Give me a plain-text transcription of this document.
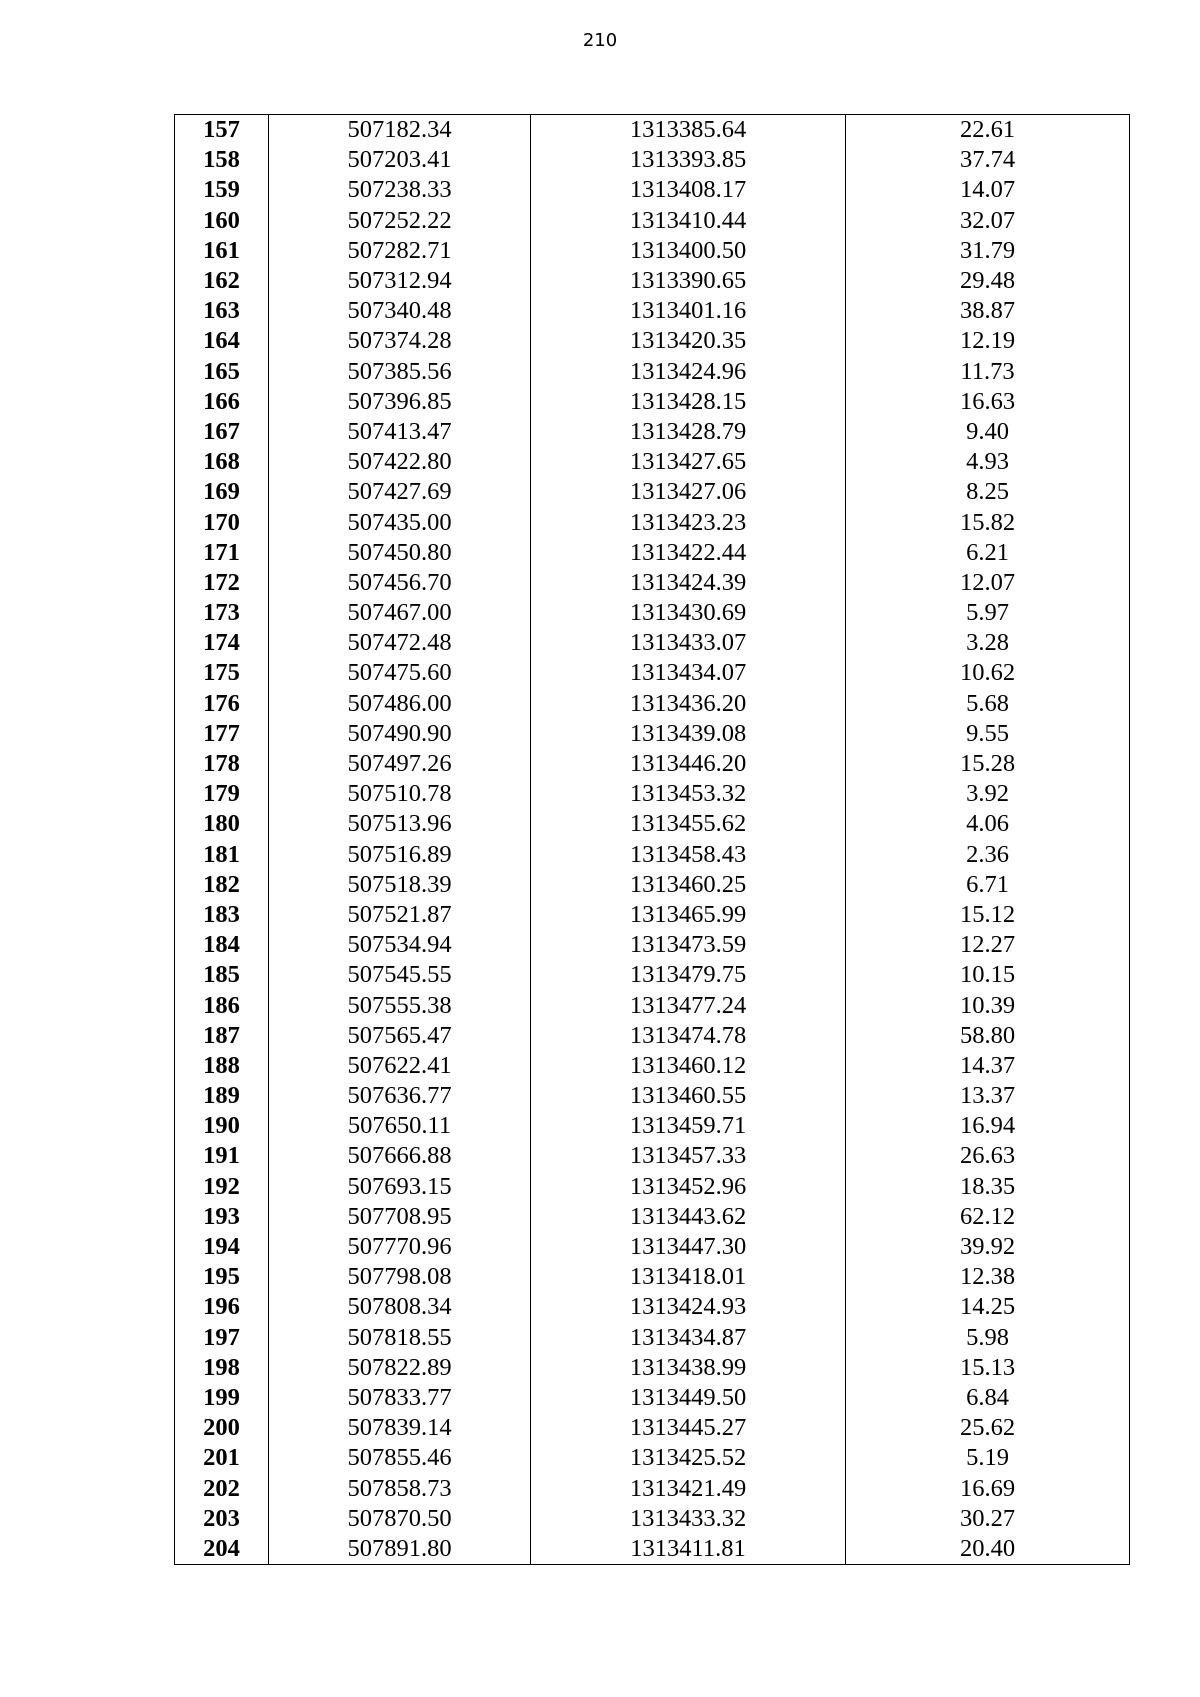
210
157	507182.34	1313385.64	22.61
158	507203.41	1313393.85	37.74
159	507238.33	1313408.17	14.07
160	507252.22	1313410.44	32.07
161	507282.71	1313400.50	31.79
162	507312.94	1313390.65	29.48
163	507340.48	1313401.16	38.87
164	507374.28	1313420.35	12.19
165	507385.56	1313424.96	11.73
166	507396.85	1313428.15	16.63
167	507413.47	1313428.79	9.40
168	507422.80	1313427.65	4.93
169	507427.69	1313427.06	8.25
170	507435.00	1313423.23	15.82
171	507450.80	1313422.44	6.21
172	507456.70	1313424.39	12.07
173	507467.00	1313430.69	5.97
174	507472.48	1313433.07	3.28
175	507475.60	1313434.07	10.62
176	507486.00	1313436.20	5.68
177	507490.90	1313439.08	9.55
178	507497.26	1313446.20	15.28
179	507510.78	1313453.32	3.92
180	507513.96	1313455.62	4.06
181	507516.89	1313458.43	2.36
182	507518.39	1313460.25	6.71
183	507521.87	1313465.99	15.12
184	507534.94	1313473.59	12.27
185	507545.55	1313479.75	10.15
186	507555.38	1313477.24	10.39
187	507565.47	1313474.78	58.80
188	507622.41	1313460.12	14.37
189	507636.77	1313460.55	13.37
190	507650.11	1313459.71	16.94
191	507666.88	1313457.33	26.63
192	507693.15	1313452.96	18.35
193	507708.95	1313443.62	62.12
194	507770.96	1313447.30	39.92
195	507798.08	1313418.01	12.38
196	507808.34	1313424.93	14.25
197	507818.55	1313434.87	5.98
198	507822.89	1313438.99	15.13
199	507833.77	1313449.50	6.84
200	507839.14	1313445.27	25.62
201	507855.46	1313425.52	5.19
202	507858.73	1313421.49	16.69
203	507870.50	1313433.32	30.27
204	507891.80	1313411.81	20.40
